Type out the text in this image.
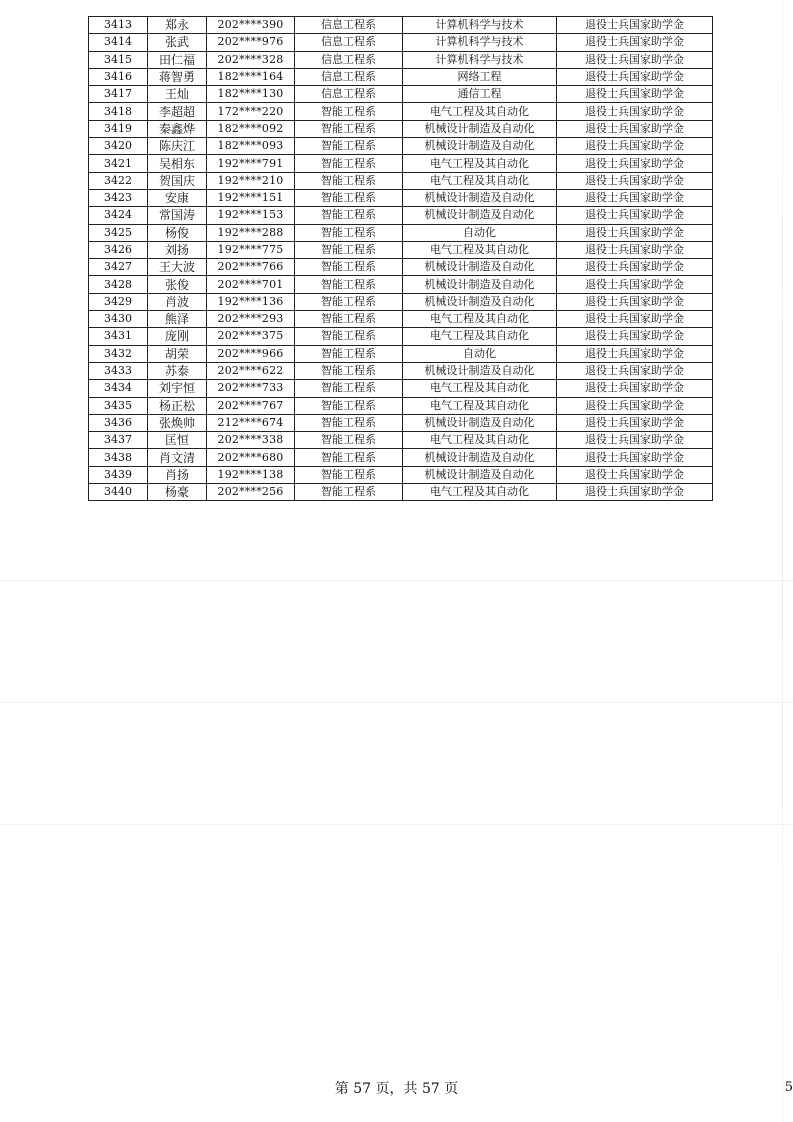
3413	郑永	202****390	信息工程系	计算机科学与技术	退役士兵国家助学金
3414	张武	202****976	信息工程系	计算机科学与技术	退役士兵国家助学金
3415	田仁福	202****328	信息工程系	计算机科学与技术	退役士兵国家助学金
3416	蒋智勇	182****164	信息工程系	网络工程	退役士兵国家助学金
3417	王灿	182****130	信息工程系	通信工程	退役士兵国家助学金
3418	李超超	172****220	智能工程系	电气工程及其自动化	退役士兵国家助学金
3419	秦鑫烨	182****092	智能工程系	机械设计制造及自动化	退役士兵国家助学金
3420	陈庆江	182****093	智能工程系	机械设计制造及自动化	退役士兵国家助学金
3421	吴相东	192****791	智能工程系	电气工程及其自动化	退役士兵国家助学金
3422	贺国庆	192****210	智能工程系	电气工程及其自动化	退役士兵国家助学金
3423	安康	192****151	智能工程系	机械设计制造及自动化	退役士兵国家助学金
3424	常国涛	192****153	智能工程系	机械设计制造及自动化	退役士兵国家助学金
3425	杨俊	192****288	智能工程系	自动化	退役士兵国家助学金
3426	刘扬	192****775	智能工程系	电气工程及其自动化	退役士兵国家助学金
3427	王大波	202****766	智能工程系	机械设计制造及自动化	退役士兵国家助学金
3428	张俊	202****701	智能工程系	机械设计制造及自动化	退役士兵国家助学金
3429	肖波	192****136	智能工程系	机械设计制造及自动化	退役士兵国家助学金
3430	熊泽	202****293	智能工程系	电气工程及其自动化	退役士兵国家助学金
3431	庞刚	202****375	智能工程系	电气工程及其自动化	退役士兵国家助学金
3432	胡荣	202****966	智能工程系	自动化	退役士兵国家助学金
3433	苏泰	202****622	智能工程系	机械设计制造及自动化	退役士兵国家助学金
3434	刘宇恒	202****733	智能工程系	电气工程及其自动化	退役士兵国家助学金
3435	杨正松	202****767	智能工程系	电气工程及其自动化	退役士兵国家助学金
3436	张焕帅	212****674	智能工程系	机械设计制造及自动化	退役士兵国家助学金
3437	匡恒	202****338	智能工程系	电气工程及其自动化	退役士兵国家助学金
3438	肖文清	202****680	智能工程系	机械设计制造及自动化	退役士兵国家助学金
3439	肖扬	192****138	智能工程系	机械设计制造及自动化	退役士兵国家助学金
3440	杨豪	202****256	智能工程系	电气工程及其自动化	退役士兵国家助学金
第 57 页，共 57 页	5
